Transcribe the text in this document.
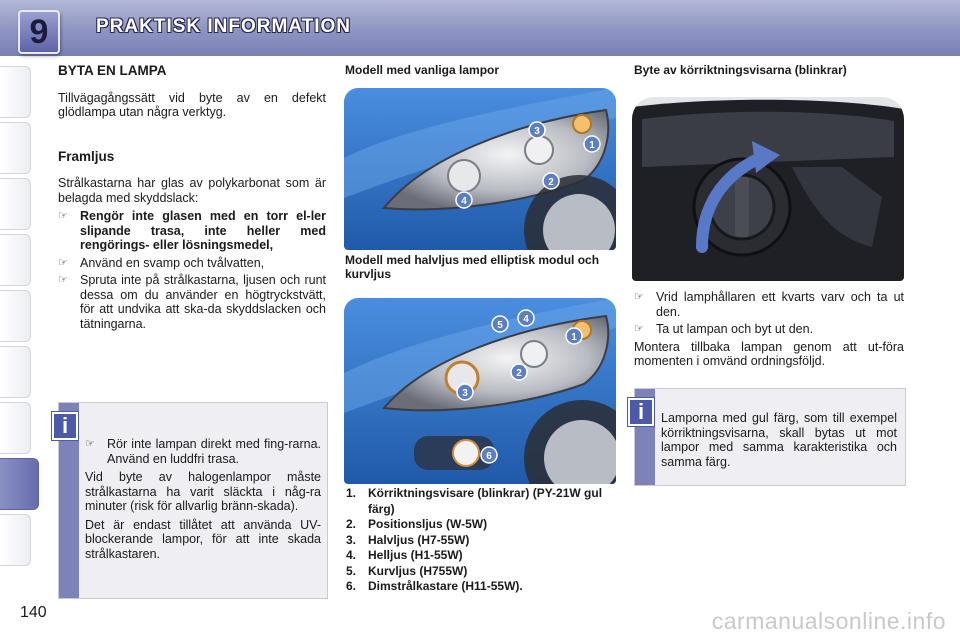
9	PRAKTISK INFORMATION
BYTA EN LAMPA

Tillvägagångssätt vid byte av en defekt glödlampa utan några verktyg.

Framljus

Strålkastarna har glas av polykarbonat som är belagda med skyddslack:

☞ Rengör inte glasen med en torr el-ler slipande trasa, inte heller med rengörings- eller lösningsmedel,
☞ Använd en svamp och tvålvatten,
☞ Spruta inte på strålkastarna, ljusen och runt dessa om du använder en högtryckstvätt, för att undvika att ska-da skyddslacken och tätningarna.
☞ Rör inte lampan direkt med fing-rarna. Använd en luddfri trasa.

Vid byte av halogenlampor måste strålkastarna ha varit släckta i någ-ra minuter (risk för allvarlig bränn-skada).

Det är endast tillåtet att använda UV-blockerande lampor, för att inte skada strålkastaren.

i
Modell med vanliga lampor
3
1
2
4
Modell med halvljus med elliptisk modul och kurvljus
5
4
1
2
3
6
1. Körriktningsvisare (blinkrar) (PY-21W gul färg)
2. Positionsljus (W-5W)
3. Halvljus (H7-55W)
4. Helljus (H1-55W)
5. Kurvljus (H755W)
6. Dimstrålkastare (H11-55W).
Byte av körriktningsvisarna (blinkrar)
☞ Vrid lamphållaren ett kvarts varv och ta ut den.
☞ Ta ut lampan och byt ut den.

Montera tillbaka lampan genom att ut-föra momenten i omvänd ordningsföljd.

Lamporna med gul färg, som till exempel körriktningsvisarna, skall bytas ut mot lampor med samma karakteristika och samma färg.

i
140	carmanualsonline.info
